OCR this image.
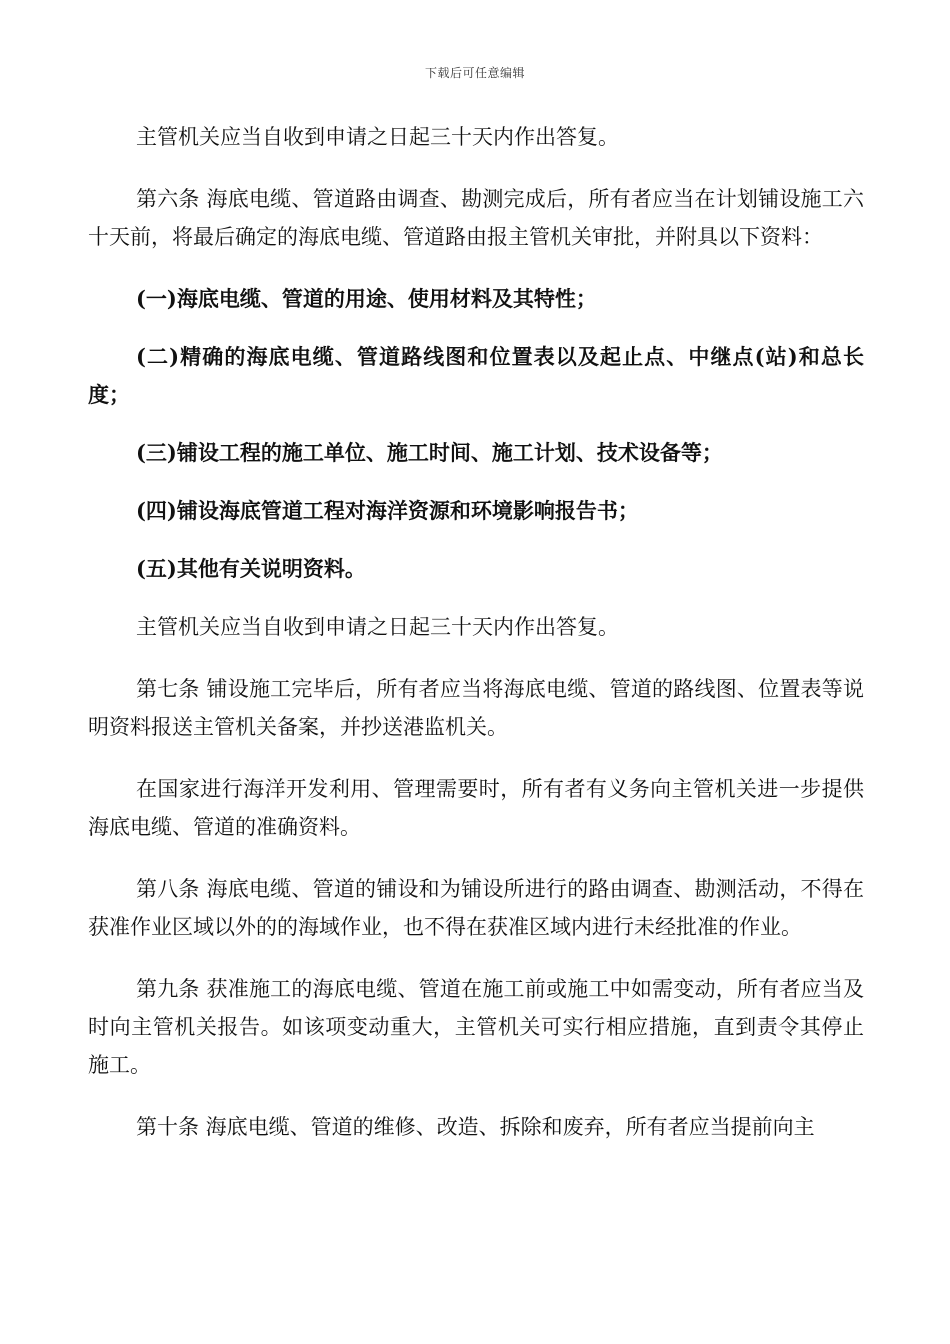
下载后可任意编辑

主管机关应当自收到申请之日起三十天内作出答复。

第六条 海底电缆、管道路由调查、勘测完成后，所有者应当在计划铺设施工六十天前，将最后确定的海底电缆、管道路由报主管机关审批，并附具以下资料：

(一)海底电缆、管道的用途、使用材料及其特性；

(二)精确的海底电缆、管道路线图和位置表以及起止点、中继点(站)和总长度；

(三)铺设工程的施工单位、施工时间、施工计划、技术设备等；

(四)铺设海底管道工程对海洋资源和环境影响报告书；

(五)其他有关说明资料。

主管机关应当自收到申请之日起三十天内作出答复。

第七条 铺设施工完毕后，所有者应当将海底电缆、管道的路线图、位置表等说明资料报送主管机关备案，并抄送港监机关。

在国家进行海洋开发利用、管理需要时，所有者有义务向主管机关进一步提供海底电缆、管道的准确资料。

第八条 海底电缆、管道的铺设和为铺设所进行的路由调查、勘测活动，不得在获准作业区域以外的的海域作业，也不得在获准区域内进行未经批准的作业。

第九条 获准施工的海底电缆、管道在施工前或施工中如需变动，所有者应当及时向主管机关报告。如该项变动重大，主管机关可实行相应措施，直到责令其停止施工。

第十条 海底电缆、管道的维修、改造、拆除和废弃，所有者应当提前向主
